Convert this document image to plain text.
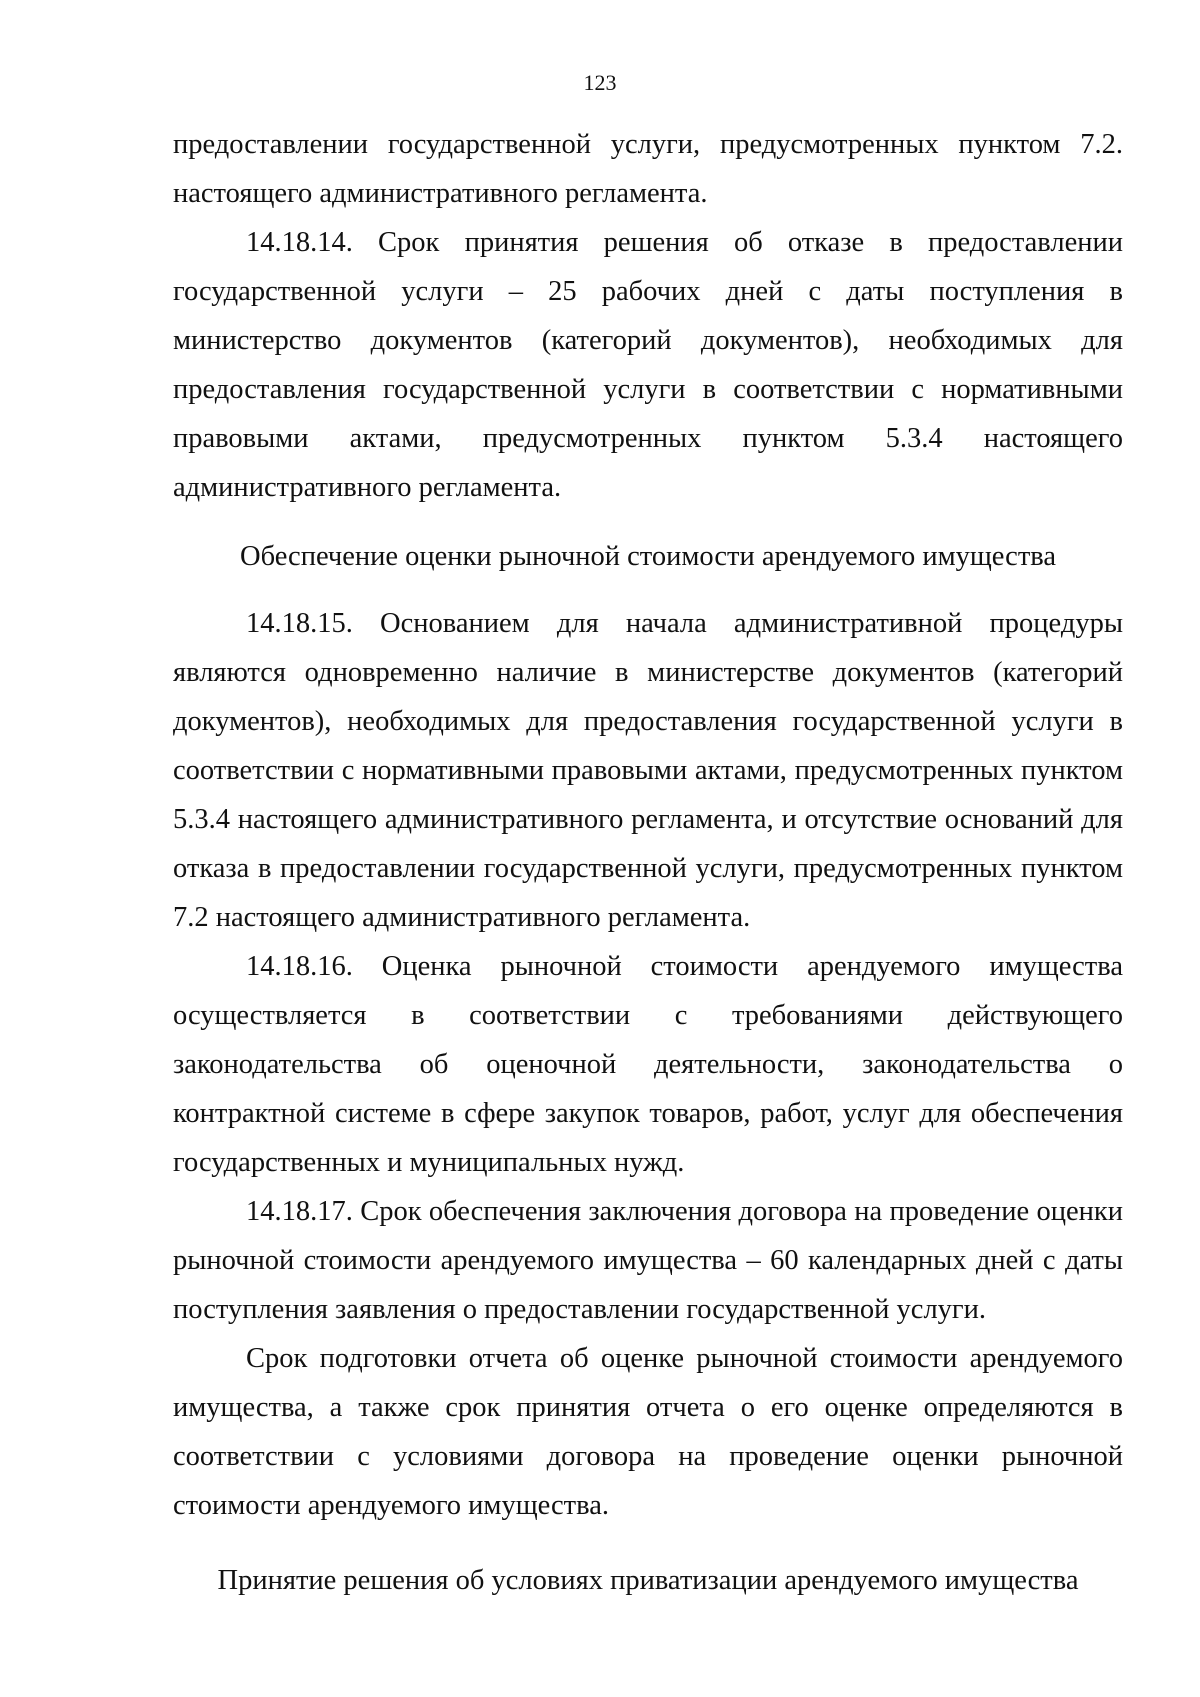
123

предоставлении государственной услуги, предусмотренных пунктом 7.2. настоящего административного регламента.

14.18.14. Срок принятия решения об отказе в предоставлении государственной услуги – 25 рабочих дней с даты поступления в министерство документов (категорий документов), необходимых для предоставления государственной услуги в соответствии с нормативными правовыми актами, предусмотренных пунктом 5.3.4 настоящего административного регламента.

Обеспечение оценки рыночной стоимости арендуемого имущества

14.18.15. Основанием для начала административной процедуры являются одновременно наличие в министерстве документов (категорий документов), необходимых для предоставления государственной услуги в соответствии с нормативными правовыми актами, предусмотренных пунктом 5.3.4 настоящего административного регламента, и отсутствие оснований для отказа в предоставлении государственной услуги, предусмотренных пунктом 7.2 настоящего административного регламента.

14.18.16. Оценка рыночной стоимости арендуемого имущества осуществляется в соответствии с требованиями действующего законодательства об оценочной деятельности, законодательства о контрактной системе в сфере закупок товаров, работ, услуг для обеспечения государственных и муниципальных нужд.

14.18.17. Срок обеспечения заключения договора на проведение оценки рыночной стоимости арендуемого имущества – 60 календарных дней с даты поступления заявления о предоставлении государственной услуги.

Срок подготовки отчета об оценке рыночной стоимости арендуемого имущества, а также срок принятия отчета о его оценке определяются в соответствии с условиями договора на проведение оценки рыночной стоимости арендуемого имущества.

Принятие решения об условиях приватизации арендуемого имущества
